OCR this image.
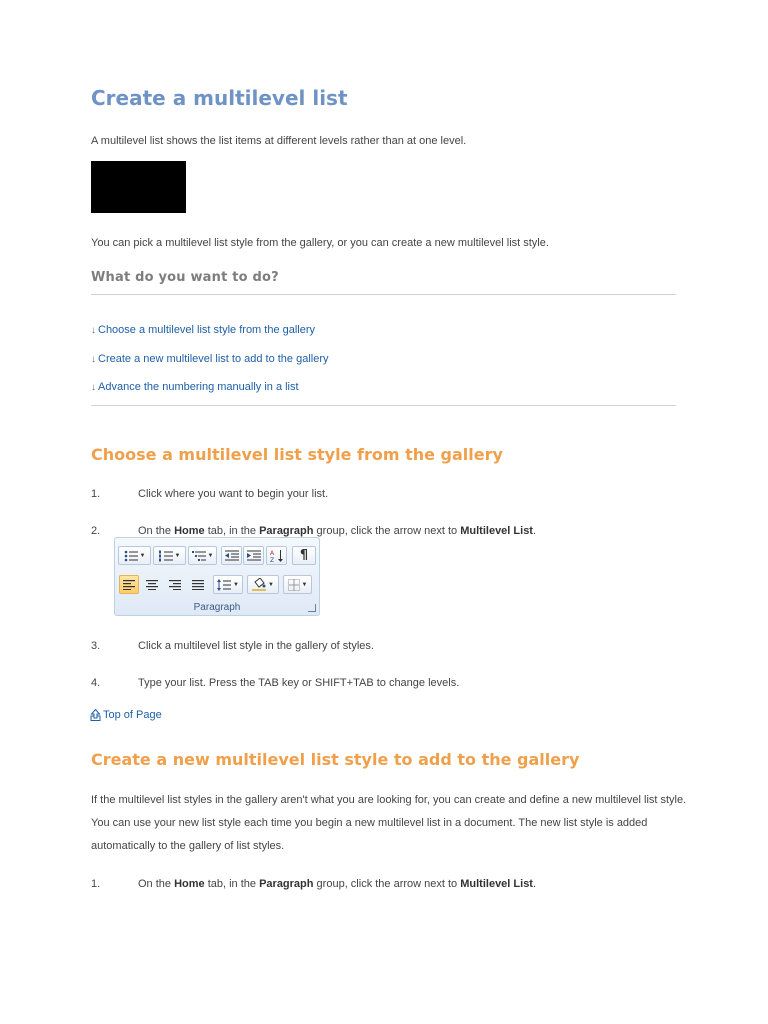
Create a multilevel list
A multilevel list shows the list items at different levels rather than at one level.
You can pick a multilevel list style from the gallery, or you can create a new multilevel list style.
What do you want to do?
↓ Choose a multilevel list style from the gallery
↓ Create a new multilevel list to add to the gallery
↓ Advance the numbering manually in a list
Choose a multilevel list style from the gallery
1.	Click where you want to begin your list.
2.	On the Home tab, in the Paragraph group, click the arrow next to Multilevel List.
▼	▼	▼	A
Z ¶
▼	▼	▼
Paragraph
3.	Click a multilevel list style in the gallery of styles.
4.	Type your list. Press the TAB key or SHIFT+TAB to change levels.
Top of Page
Create a new multilevel list style to add to the gallery
If the multilevel list styles in the gallery aren't what you are looking for, you can create and define a new multilevel list style. You can use your new list style each time you begin a new multilevel list in a document. The new list style is added automatically to the gallery of list styles.
1.	On the Home tab, in the Paragraph group, click the arrow next to Multilevel List.
